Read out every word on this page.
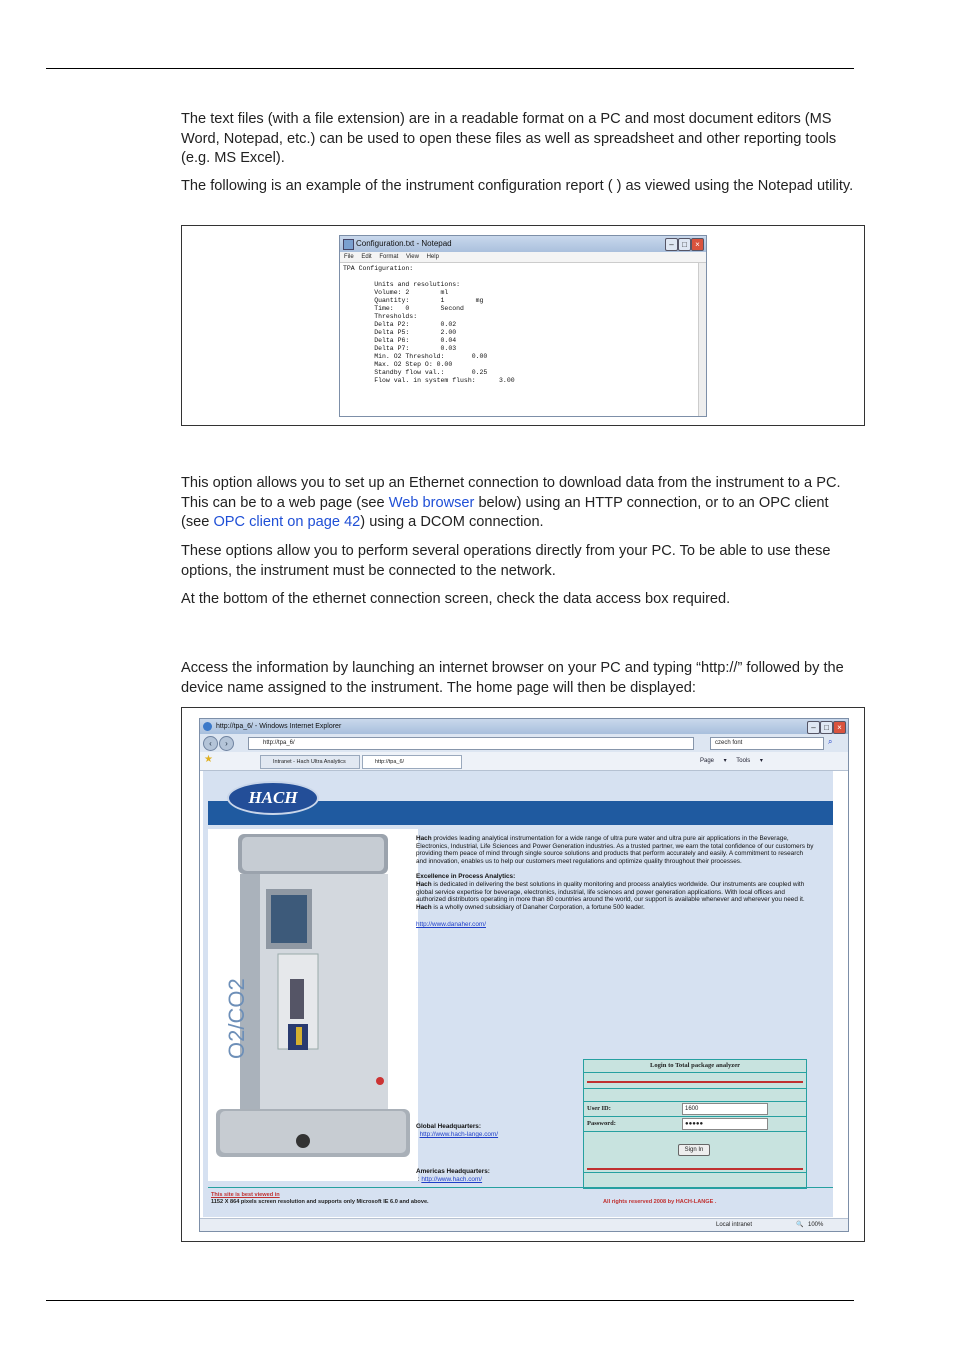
The text files (with a file extension) are in a readable format on a PC and most document editors (MS Word, Notepad, etc.) can be used to open these files as well as spreadsheet and other reporting tools (e.g. MS Excel).

The following is an example of the instrument configuration report ( ) as viewed using the Notepad utility.

Configuration.txt - Notepad	–	□	×
File Edit Format View Help
TPA Configuration:

Units and resolutions:
Volume: 2        ml
Quantity:        1        mg
Time:   0        Second
Thresholds:
Delta P2:        0.02
Delta P5:        2.00
Delta P6:        0.04
Delta P7:        0.03
Min. O2 Threshold:       0.00
Max. O2 Step O: 0.00
Standby flow val.:       0.25
Flow val. in system flush:      3.00

This option allows you to set up an Ethernet connection to download data from the instrument to a PC. This can be to a web page (see Web browser below) using an HTTP connection, or to an OPC client (see OPC client on page 42) using a DCOM connection.

These options allow you to perform several operations directly from your PC. To be able to use these options, the instrument must be connected to the network.

At the bottom of the ethernet connection screen, check the data access box required.

Access the information by launching an internet browser on your PC and typing “http://” followed by the device name assigned to the instrument. The home page will then be displayed:

http://tpa_6/ - Windows Internet Explorer	–	□	×
‹	›	http://tpa_6/	czech font	⌕
★	Intranet - Hach Ultra Analytics	http://tpa_6/	Page ▾ Tools ▾
HACH
O2/CO2

Hach provides leading analytical instrumentation for a wide range of ultra pure water and ultra pure air applications in the Beverage, Electronics, Industrial, Life Sciences and Power Generation industries. As a trusted partner, we earn the total confidence of our customers by providing them peace of mind through single source solutions and products that perform accurately and easily. A commitment to research and innovation, enables us to help our customers meet regulations and optimize quality throughout their processes.

Excellence in Process Analytics:
Hach is dedicated in delivering the best solutions in quality monitoring and process analytics worldwide. Our instruments are coupled with global service expertise for beverage, electronics, industrial, life sciences and power generation applications. With local offices and authorized distributors operating in more than 80 countries around the world, our support is available whenever and wherever you need it.
Hach is a wholly owned subsidiary of Danaher Corporation, a fortune 500 leader.

http://www.danaher.com/

Global Headquarters:
http://www.hach-lange.com/
Americas Headquarters:
: http://www.hach.com/
Login to Total package analyzer
User ID:	1600
Password:	●●●●●
Sign In
This site is best viewed in
1152 X 864 pixels screen resolution and supports only Microsoft IE 6.0 and above.	All rights reserved 2008 by HACH-LANGE .
Local intranet	🔍 100%
